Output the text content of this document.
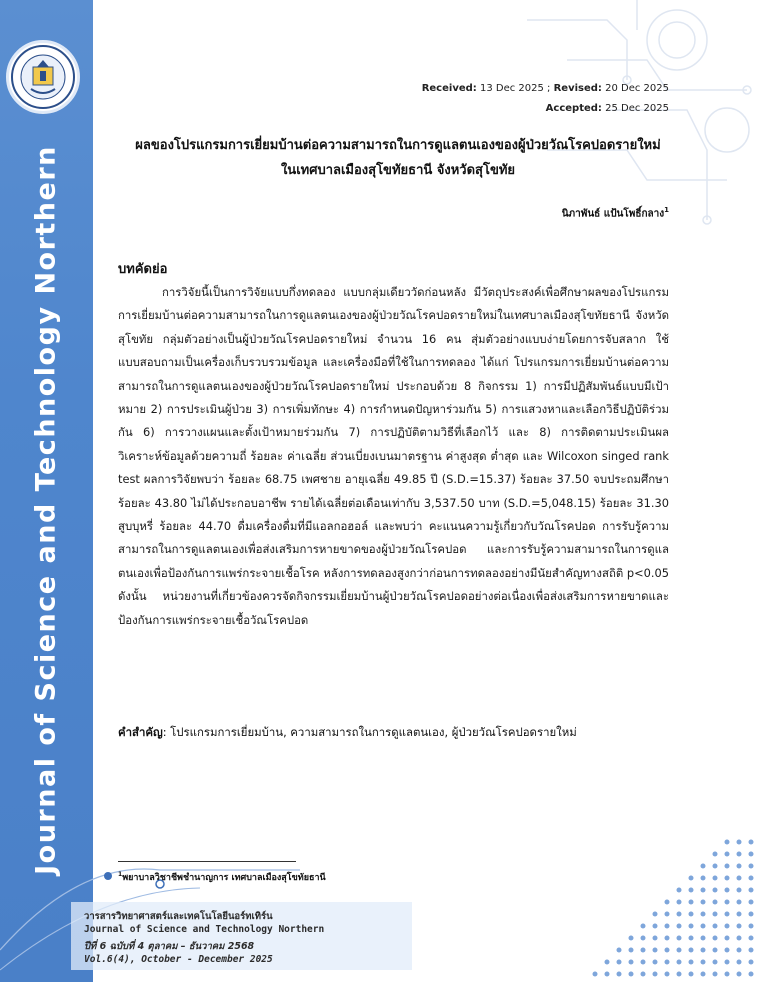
Journal of Science and Technology Northern
Received: 13 Dec 2025 ; Revised: 20 Dec 2025
Accepted: 25 Dec 2025
ผลของโปรแกรมการเยี่ยมบ้านต่อความสามารถในการดูแลตนเองของผู้ป่วยวัณโรคปอดรายใหม่
ในเทศบาลเมืองสุโขทัยธานี จังหวัดสุโขทัย
นิภาพันธ์ แป้นโพธิ์กลาง$^1$
บทคัดย่อ
การวิจัยนี้เป็นการวิจัยแบบกึ่งทดลอง แบบกลุ่มเดียววัดก่อนหลัง มีวัตถุประสงค์เพื่อศึกษาผลของโปรแกรมการเยี่ยมบ้านต่อความสามารถในการดูแลตนเองของผู้ป่วยวัณโรคปอดรายใหม่ในเทศบาลเมืองสุโขทัยธานี จังหวัดสุโขทัย กลุ่มตัวอย่างเป็นผู้ป่วยวัณโรคปอดรายใหม่ จำนวน 16 คน สุ่มตัวอย่างแบบง่ายโดยการจับสลาก ใช้แบบสอบถามเป็นเครื่องเก็บรวบรวมข้อมูล และเครื่องมือที่ใช้ในการทดลอง ได้แก่ โปรแกรมการเยี่ยมบ้านต่อความสามารถในการดูแลตนเองของผู้ป่วยวัณโรคปอดรายใหม่ ประกอบด้วย 8 กิจกรรม 1) การมีปฏิสัมพันธ์แบบมีเป้าหมาย 2) การประเมินผู้ป่วย 3) การเพิ่มทักษะ 4) การกำหนดปัญหาร่วมกัน 5) การแสวงหาและเลือกวิธีปฏิบัติร่วมกัน 6) การวางแผนและตั้งเป้าหมายร่วมกัน 7) การปฏิบัติตามวิธีที่เลือกไว้ และ 8) การติดตามประเมินผล วิเคราะห์ข้อมูลด้วยความถี่ ร้อยละ ค่าเฉลี่ย ส่วนเบี่ยงเบนมาตรฐาน ค่าสูงสุด ต่ำสุด และ Wilcoxon singed rank test ผลการวิจัยพบว่า ร้อยละ 68.75 เพศชาย อายุเฉลี่ย 49.85 ปี (S.D.=15.37) ร้อยละ 37.50 จบประถมศึกษา ร้อยละ 43.80 ไม่ได้ประกอบอาชีพ รายได้เฉลี่ยต่อเดือนเท่ากับ 3,537.50 บาท (S.D.=5,048.15) ร้อยละ 31.30 สูบบุหรี่ ร้อยละ 44.70 ดื่มเครื่องดื่มที่มีแอลกอฮอล์ และพบว่า คะแนนความรู้เกี่ยวกับวัณโรคปอด การรับรู้ความสามารถในการดูแลตนเองเพื่อส่งเสริมการหายขาดของผู้ป่วยวัณโรคปอด และการรับรู้ความสามารถในการดูแลตนเองเพื่อป้องกันการแพร่กระจายเชื้อโรค หลังการทดลองสูงกว่าก่อนการทดลองอย่างมีนัยสำคัญทางสถิติ p<0.05 ดังนั้น หน่วยงานที่เกี่ยวข้องควรจัดกิจกรรมเยี่ยมบ้านผู้ป่วยวัณโรคปอดอย่างต่อเนื่องเพื่อส่งเสริมการหายขาดและป้องกันการแพร่กระจายเชื้อวัณโรคปอด
คำสำคัญ: โปรแกรมการเยี่ยมบ้าน, ความสามารถในการดูแลตนเอง, ผู้ป่วยวัณโรคปอดรายใหม่
$^1$พยาบาลวิชาชีพชำนาญการ เทศบาลเมืองสุโขทัยธานี
วารสารวิทยาศาสตร์และเทคโนโลยีนอร์ทเทิร์น
Journal of Science and Technology Northern
ปีที่ 6 ฉบับที่ 4 ตุลาคม – ธันวาคม 2568
Vol.6(4), October - December 2025
